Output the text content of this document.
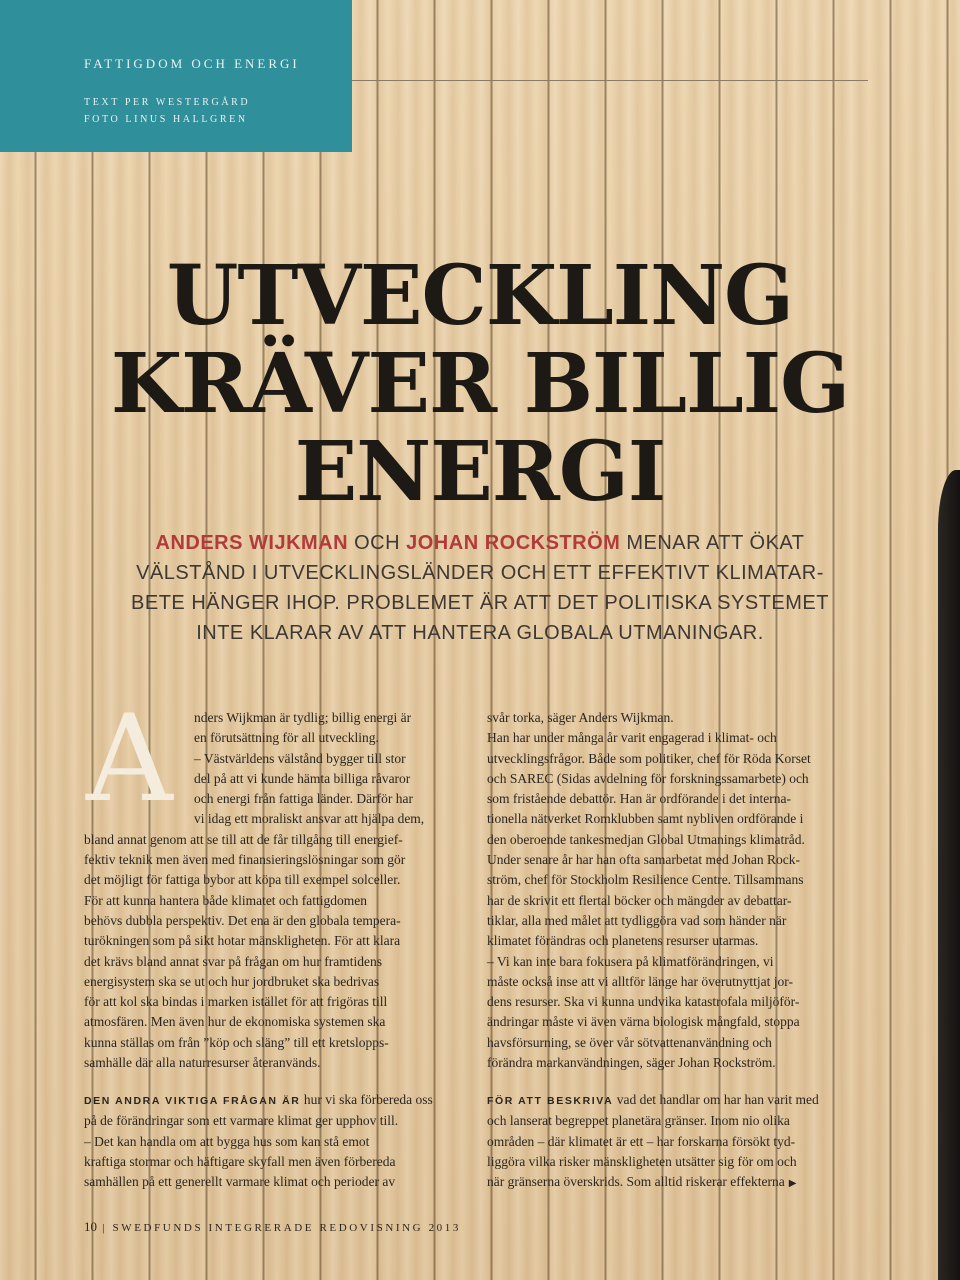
FATTIGDOM OCH ENERGI
TEXT PER WESTERGÅRD
FOTO LINUS HALLGREN
UTVECKLING
KRÄVER BILLIG
ENERGI
ANDERS WIJKMAN OCH JOHAN ROCKSTRÖM MENAR ATT ÖKAT
VÄLSTÅND I UTVECKLINGSLÄNDER OCH ETT EFFEKTIVT KLIMATAR-
BETE HÄNGER IHOP. PROBLEMET ÄR ATT DET POLITISKA SYSTEMET
INTE KLARAR AV ATT HANTERA GLOBALA UTMANINGAR.
A	nders Wijkman är tydlig; billig energi är
en förutsättning för all utveckling.
– Västvärldens välstånd bygger till stor
del på att vi kunde hämta billiga råvaror
och energi från fattiga länder. Därför har
vi idag ett moraliskt ansvar att hjälpa dem,
bland annat genom att se till att de får tillgång till energief-
fektiv teknik men även med finansieringslösningar som gör
det möjligt för fattiga bybor att köpa till exempel solceller.
För att kunna hantera både klimatet och fattigdomen
behövs dubbla perspektiv. Det ena är den globala tempera-
turökningen som på sikt hotar mänskligheten. För att klara
det krävs bland annat svar på frågan om hur framtidens
energisystem ska se ut och hur jordbruket ska bedrivas
för att kol ska bindas i marken istället för att frigöras till
atmosfären. Men även hur de ekonomiska systemen ska
kunna ställas om från ”köp och släng” till ett kretslopps-
samhälle där alla naturresurser återanvänds.
svår torka, säger Anders Wijkman.
Han har under många år varit engagerad i klimat- och
utvecklingsfrågor. Både som politiker, chef för Röda Korset
och SAREC (Sidas avdelning för forskningssamarbete) och
som fristående debattör. Han är ordförande i det interna-
tionella nätverket Romklubben samt nybliven ordförande i
den oberoende tankesmedjan Global Utmanings klimatråd.
Under senare år har han ofta samarbetat med Johan Rock-
ström, chef för Stockholm Resilience Centre. Tillsammans
har de skrivit ett flertal böcker och mängder av debattar-
tiklar, alla med målet att tydliggöra vad som händer när
klimatet förändras och planetens resurser utarmas.
– Vi kan inte bara fokusera på klimatförändringen, vi
måste också inse att vi alltför länge har överutnyttjat jor-
dens resurser. Ska vi kunna undvika katastrofala miljöför-
ändringar måste vi även värna biologisk mångfald, stoppa
havsförsurning, se över vår sötvattenanvändning och
förändra markanvändningen, säger Johan Rockström.
DEN ANDRA VIKTIGA FRÅGAN ÄR hur vi ska förbereda oss
på de förändringar som ett varmare klimat ger upphov till.
– Det kan handla om att bygga hus som kan stå emot
kraftiga stormar och häftigare skyfall men även förbereda
samhällen på ett generellt varmare klimat och perioder av
FÖR ATT BESKRIVA vad det handlar om har han varit med
och lanserat begreppet planetära gränser. Inom nio olika
områden – där klimatet är ett – har forskarna försökt tyd-
liggöra vilka risker mänskligheten utsätter sig för om och
när gränserna överskrids. Som alltid riskerar effekterna ▶
10 | SWEDFUNDS INTEGRERADE REDOVISNING 2013
